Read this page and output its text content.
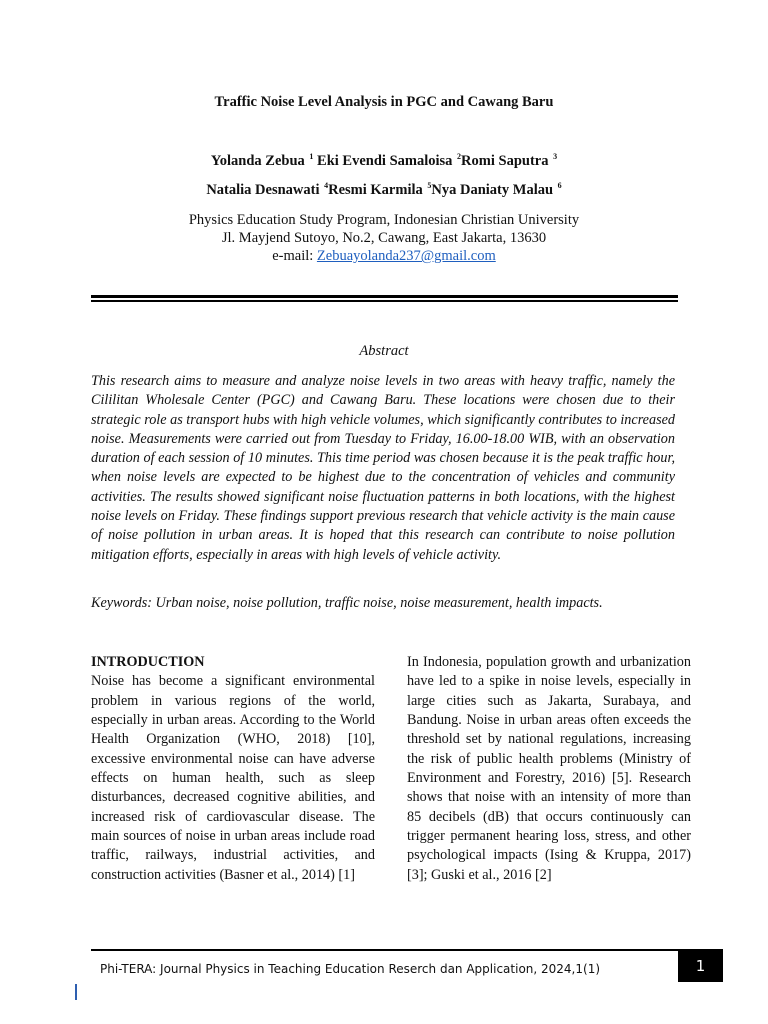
Traffic Noise Level Analysis in PGC and Cawang Baru
Yolanda Zebua $^1$ Eki Evendi Samaloisa $^2$Romi Saputra $^3$
Natalia Desnawati $^4$Resmi Karmila $^5$Nya Daniaty Malau $^6$
Physics Education Study Program, Indonesian Christian University
Jl. Mayjend Sutoyo, No.2, Cawang, East Jakarta, 13630
e-mail: Zebuayolanda237@gmail.com
Abstract

This research aims to measure and analyze noise levels in two areas with heavy traffic, namely the Cililitan Wholesale Center (PGC) and Cawang Baru. These locations were chosen due to their strategic role as transport hubs with high vehicle volumes, which significantly contributes to increased noise. Measurements were carried out from Tuesday to Friday, 16.00-18.00 WIB, with an observation duration of each session of 10 minutes. This time period was chosen because it is the peak traffic hour, when noise levels are expected to be highest due to the concentration of vehicles and community activities. The results showed significant noise fluctuation patterns in both locations, with the highest noise levels on Friday. These findings support previous research that vehicle activity is the main cause of noise pollution in urban areas. It is hoped that this research can contribute to noise pollution mitigation efforts, especially in areas with high levels of vehicle activity.

Keywords: Urban noise, noise pollution, traffic noise, noise measurement, health impacts.

INTRODUCTION

Noise has become a significant environmental problem in various regions of the world, especially in urban areas. According to the World Health Organization (WHO, 2018) [10], excessive environmental noise can have adverse effects on human health, such as sleep disturbances, decreased cognitive abilities, and increased risk of cardiovascular disease. The main sources of noise in urban areas include road traffic, railways, industrial activities, and construction activities (Basner et al., 2014) [1]

In Indonesia, population growth and urbanization have led to a spike in noise levels, especially in large cities such as Jakarta, Surabaya, and Bandung. Noise in urban areas often exceeds the threshold set by national regulations, increasing the risk of public health problems (Ministry of Environment and Forestry, 2016) [5]. Research shows that noise with an intensity of more than 85 decibels (dB) that occurs continuously can trigger permanent hearing loss, stress, and other psychological impacts (Ising & Kruppa, 2017) [3]; Guski et al., 2016 [2]

Phi-TERA: Journal Physics in Teaching Education Reserch dan Application, 2024,1(1)	1
